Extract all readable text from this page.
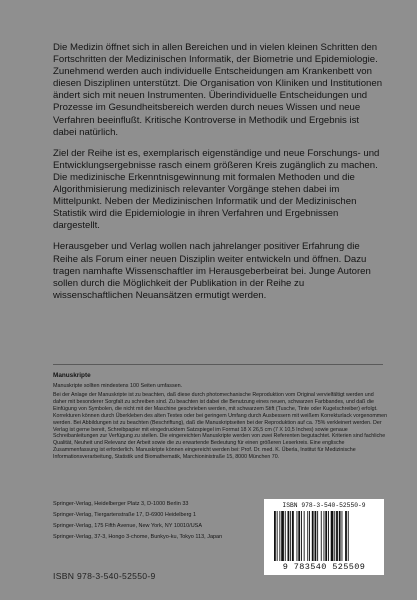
Die Medizin öffnet sich in allen Bereichen und in vielen kleinen Schritten den Fortschritten der Medizinischen Informatik, der Biometrie und Epidemiologie. Zunehmend werden auch individuelle Entscheidungen am Krankenbett von diesen Disziplinen unterstützt. Die Organisation von Kliniken und Institutionen ändert sich mit neuen Instrumenten. Überindividuelle Entscheidungen und Prozesse im Gesundheitsbereich werden durch neues Wissen und neue Verfahren beeinflußt. Kritische Kontroverse in Methodik und Ergebnis ist dabei natürlich.

Ziel der Reihe ist es, exemplarisch eigenständige und neue Forschungs- und Entwicklungsergebnisse rasch einem größeren Kreis zugänglich zu machen. Die medizinische Erkenntnisgewinnung mit formalen Methoden und die Algorithmisierung medizinisch relevanter Vorgänge stehen dabei im Mittelpunkt. Neben der Medizinischen Informatik und der Medizinischen Statistik wird die Epidemiologie in ihren Verfahren und Ergebnissen dargestellt.

Herausgeber und Verlag wollen nach jahrelanger positiver Erfahrung die Reihe als Forum einer neuen Disziplin weiter entwickeln und öffnen. Dazu tragen namhafte Wissenschaftler im Herausgeberbeirat bei. Junge Autoren sollen durch die Möglichkeit der Publikation in der Reihe zu wissenschaftlichen Neuansätzen ermutigt werden.

Manuskripte
Manuskripte sollten mindestens 100 Seiten umfassen.
Bei der Anlage der Manuskripte ist zu beachten, daß diese durch photomechanische Reproduktion vom Original vervielfältigt werden und daher mit besonderer Sorgfalt zu schreiben sind. Zu beachten ist dabei die Benutzung eines neuen, schwarzen Farbbandes, und daß die Einfügung von Symbolen, die nicht mit der Maschine geschrieben werden, mit schwarzem Stift (Tusche, Tinte oder Kugelschreiber) erfolgt. Korrekturen können durch Überkleben des alten Textes oder bei geringem Umfang durch Ausbessern mit weißem Korrekturlack vorgenommen werden. Bei Abbildungen ist zu beachten (Beschriftung), daß die Manuskriptseiten bei der Reproduktion auf ca. 75% verkleinert werden. Der Verlag ist gerne bereit, Schreibpapier mit eingedrucktem Satzspiegel im Format 18 X 26,5 cm (7 X 10,5 Inches) sowie genaue Schreibanleitungen zur Verfügung zu stellen. Die eingereichten Manuskripte werden von zwei Referenten begutachtet. Kriterien sind fachliche Qualität, Neuheit und Relevanz der Arbeit sowie die zu erwartende Bedeutung für einen größeren Leserkreis. Eine englische Zusammenfassung ist erforderlich. Manuskripte können eingereicht werden bei: Prof. Dr. med. K. Überla, Institut für Medizinische Informationsverarbeitung, Statistik und Biomathematik, Marchioninistraße 15, 8000 München 70.
Springer-Verlag, Heidelberger Platz 3, D-1000 Berlin 33
Springer-Verlag, Tiergartenstraße 17, D-6900 Heidelberg 1
Springer-Verlag, 175 Fifth Avenue, New York, NY 10010/USA
Springer-Verlag, 37-3, Hongo 3-chome, Bunkyo-ku, Tokyo 113, Japan
ISBN 978-3-540-52550-9
ISBN 978-3-540-52550-9
9 783540 525509
